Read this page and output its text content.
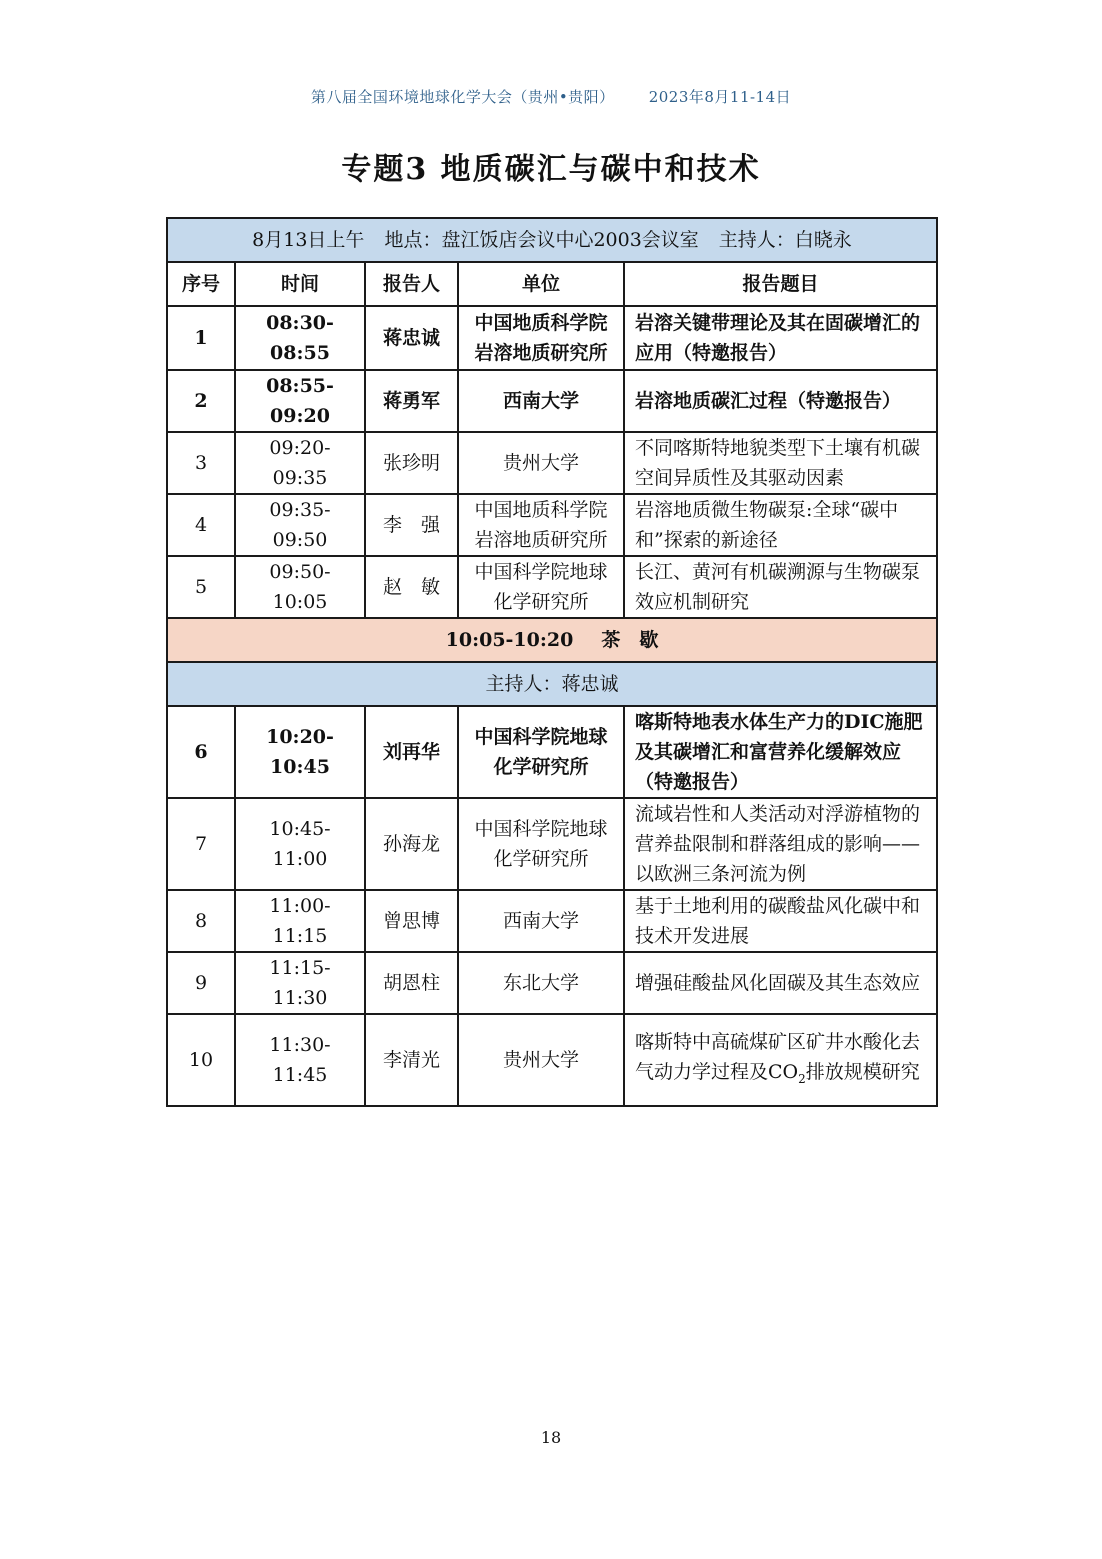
第八届全国环境地球化学大会（贵州•贵阳） 2023年8月11-14日
专题3 地质碳汇与碳中和技术
8月13日上午 地点：盘江饭店会议中心2003会议室 主持人：白晓永				
序号	时间	报告人	单位	报告题目
1	08:30-08:55	蒋忠诚	中国地质科学院岩溶地质研究所	岩溶关键带理论及其在固碳增汇的应用（特邀报告）
2	08:55-09:20	蒋勇军	西南大学	岩溶地质碳汇过程（特邀报告）
3	09:20-09:35	张珍明	贵州大学	不同喀斯特地貌类型下土壤有机碳空间异质性及其驱动因素
4	09:35-09:50	李　强	中国地质科学院岩溶地质研究所	岩溶地质微生物碳泵:全球“碳中和”探索的新途径
5	09:50-10:05	赵　敏	中国科学院地球化学研究所	长江、黄河有机碳溯源与生物碳泵效应机制研究
10:05-10:20 茶　歇				
主持人：蒋忠诚				
6	10:20-10:45	刘再华	中国科学院地球化学研究所	喀斯特地表水体生产力的DIC施肥及其碳增汇和富营养化缓解效应（特邀报告）
7	10:45-11:00	孙海龙	中国科学院地球化学研究所	流域岩性和人类活动对浮游植物的营养盐限制和群落组成的影响——以欧洲三条河流为例
8	11:00-11:15	曾思博	西南大学	基于土地利用的碳酸盐风化碳中和技术开发进展
9	11:15-11:30	胡恩柱	东北大学	增强硅酸盐风化固碳及其生态效应
10	11:30-11:45	李清光	贵州大学	喀斯特中高硫煤矿区矿井水酸化去气动力学过程及$CO_2$排放规模研究
18
